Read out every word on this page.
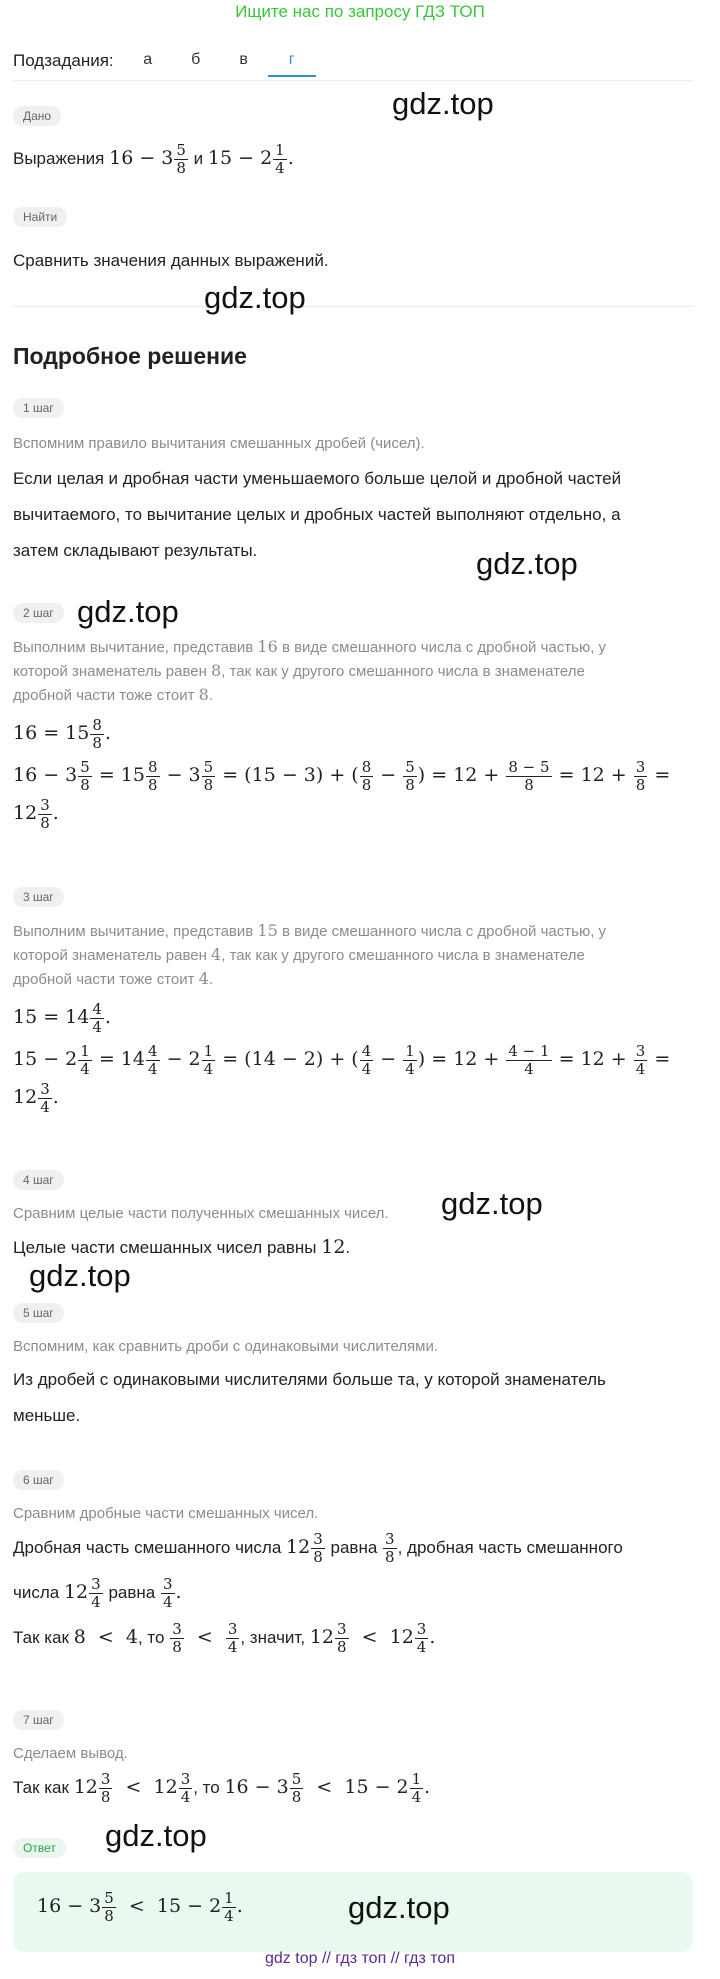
Ищите нас по запросу ГДЗ ТОП
Подзадания:	а	б	в	г
Дано
Выражения $16 - 3 \frac{5}{8}$ и $15 - 2 \frac{1}{4}$ .
Найти
Сравнить значения данных выражений.
Подробное решение
1 шаг
Вспомним правило вычитания смешанных дробей (чисел).
Если целая и дробная части уменьшаемого больше целой и дробной частей
вычитаемого, то вычитание целых и дробных частей выполняют отдельно, а
затем складывают результаты.
2 шаг
Выполним вычитание, представив 16 в виде смешанного числа с дробной частью, у
которой знаменатель равен 8, так как у другого смешанного числа в знаменателе
дробной части тоже стоит 8.
$16 = 15 \frac{8}{8}$ .
$16 - 3 \frac{5}{8} = 15 \frac{8}{8} - 3 \frac{5}{8} = (15 - 3)$ + ( $\frac{8}{8} - \frac{5}{8}$ ) = $12 + \frac{8 - 5}{8} = 12 + \frac{3}{8}$ =
$12 \frac{3}{8}$ .
3 шаг
Выполним вычитание, представив 15 в виде смешанного числа с дробной частью, у
которой знаменатель равен 4, так как у другого смешанного числа в знаменателе
дробной части тоже стоит 4.
$15 = 14 \frac{4}{4}$ .
$15 - 2 \frac{1}{4} = 14 \frac{4}{4} - 2 \frac{1}{4} = (14 - 2)$ + ( $\frac{4}{4} - \frac{1}{4}$ ) = $12 + \frac{4 - 1}{4} = 12 + \frac{3}{4}$ =
$12 \frac{3}{4}$ .
4 шаг
Сравним целые части полученных смешанных чисел.
Целые части смешанных чисел равны 12.
5 шаг
Вспомним, как сравнить дроби с одинаковыми числителями.
Из дробей с одинаковыми числителями больше та, у которой знаменатель
меньше.
6 шаг
Сравним дробные части смешанных чисел.
Дробная часть смешанного числа $12 \frac{3}{8}$ равна $\frac{3}{8}$ , дробная часть смешанного
числа $12 \frac{3}{4}$ равна $\frac{3}{4}$ .
Так как 8  <  4, то $\frac{3}{8} < \frac{3}{4}$ , значит, $12 \frac{3}{8} < 12 \frac{3}{4}$ .
7 шаг
Сделаем вывод.
Так как $12 \frac{3}{8} < 12 \frac{3}{4}$ , то $16 - 3 \frac{5}{8} < 15 - 2 \frac{1}{4}$ .
Ответ
$16 - 3 \frac{5}{8} < 15 - 2 \frac{1}{4}$ .
gdz.top
gdz.top
gdz.top
gdz.top
gdz.top
gdz.top
gdz.top
gdz.top
gdz top // гдз топ // гдз топ
